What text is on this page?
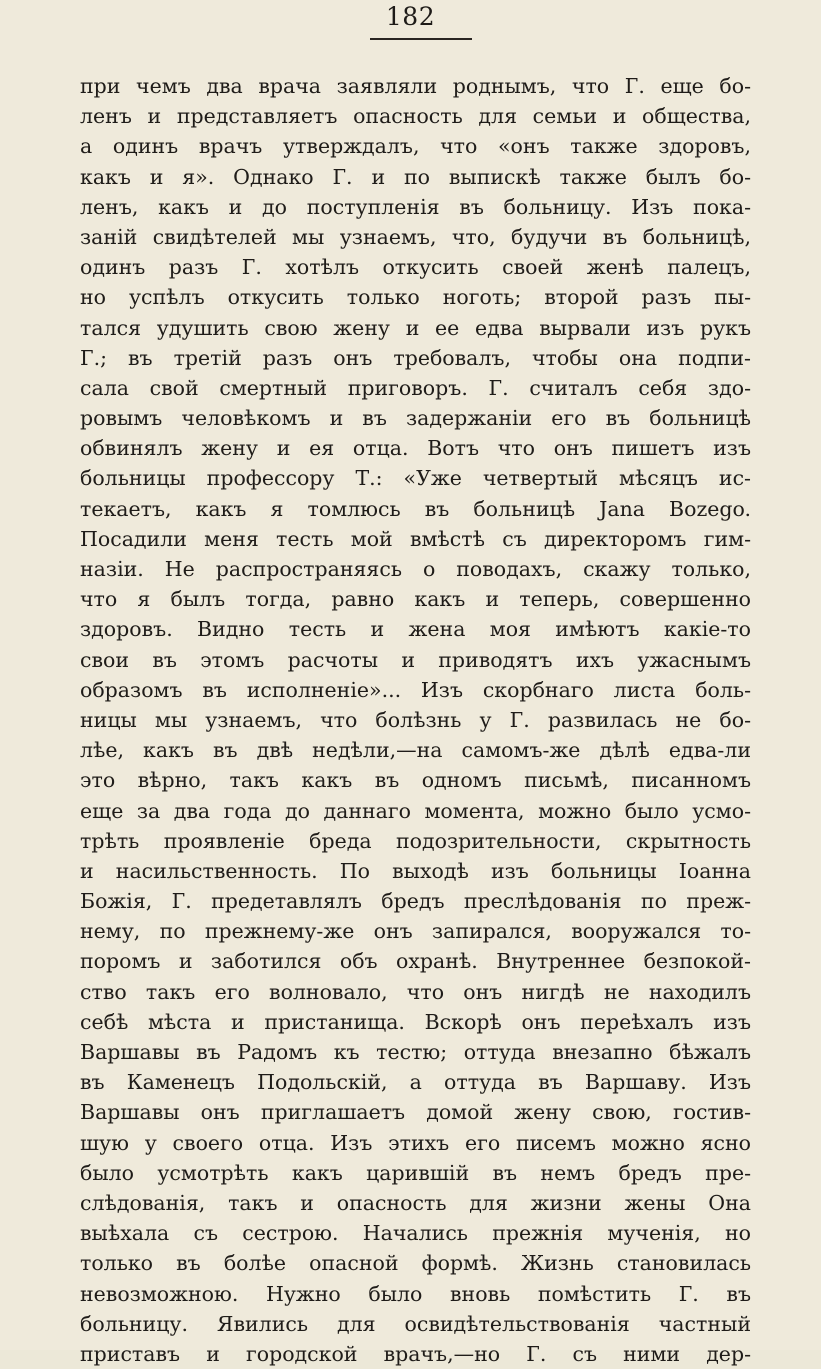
182
при чемъ два врача заявляли роднымъ, что Г. еще бо-
ленъ и представляетъ опасность для семьи и общества,
а одинъ врачъ утверждалъ, что «онъ также здоровъ,
какъ и я». Однако Г. и по выпискѣ также былъ бо-
ленъ, какъ и до поступленія въ больницу. Изъ пока-
заній свидѣтелей мы узнаемъ, что, будучи въ больницѣ,
одинъ разъ Г. хотѣлъ откусить своей женѣ палецъ,
но успѣлъ откусить только ноготь; второй разъ пы-
тался удушить свою жену и ее едва вырвали изъ рукъ
Г.; въ третій разъ онъ требовалъ, чтобы она подпи-
сала свой смертный приговоръ. Г. считалъ себя здо-
ровымъ человѣкомъ и въ задержаніи его въ больницѣ
обвинялъ жену и ея отца. Вотъ что онъ пишетъ изъ
больницы профессору Т.: «Уже четвертый мѣсяцъ ис-
текаетъ, какъ я томлюсь въ больницѣ Jana Bozego.
Посадили меня тесть мой вмѣстѣ съ директоромъ гим-
назіи. Не распространяясь о поводахъ, скажу только,
что я былъ тогда, равно какъ и теперь, совершенно
здоровъ. Видно тесть и жена моя имѣютъ какіе-то
свои въ этомъ расчоты и приводятъ ихъ ужаснымъ
образомъ въ исполненіе»... Изъ скорбнаго листа боль-
ницы мы узнаемъ, что болѣзнь у Г. развилась не бо-
лѣе, какъ въ двѣ недѣли,—на самомъ-же дѣлѣ едва-ли
это вѣрно, такъ какъ въ одномъ письмѣ, писанномъ
еще за два года до даннаго момента, можно было усмо-
трѣть проявленіе бреда подозрительности, скрытность
и насильственность. По выходѣ изъ больницы Іоанна
Божія, Г. предетавлялъ бредъ преслѣдованія по преж-
нему, по прежнему-же онъ запирался, вооружался то-
поромъ и заботился объ охранѣ. Внутреннее безпокой-
ство такъ его волновало, что онъ нигдѣ не находилъ
себѣ мѣста и пристанища. Вскорѣ онъ переѣхалъ изъ
Варшавы въ Радомъ къ тестю; оттуда внезапно бѣжалъ
въ Каменецъ Подольскій, а оттуда въ Варшаву. Изъ
Варшавы онъ приглашаетъ домой жену свою, гостив-
шую у своего отца. Изъ этихъ его писемъ можно ясно
было усмотрѣть какъ царившій въ немъ бредъ пре-
слѣдованія, такъ и опасность для жизни жены Она
выѣхала съ сестрою. Начались прежнія мученія, но
только въ болѣе опасной формѣ. Жизнь становилась
невозможною. Нужно было вновь помѣстить Г. въ
больницу. Явились для освидѣтельствованія частный
приставъ и городской врачъ,—но Г. съ ними дер-
